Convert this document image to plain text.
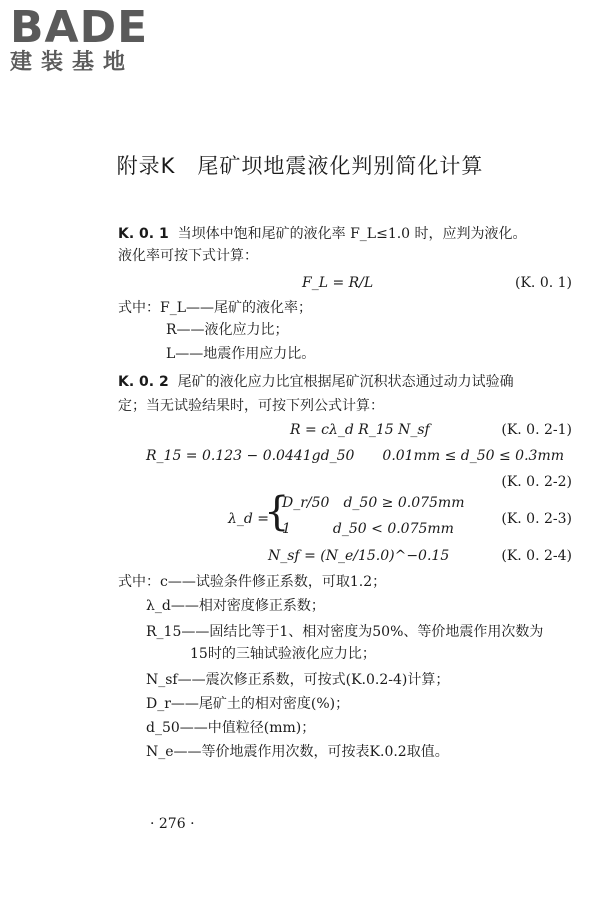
BADE
建装基地
附录K　尾矿坝地震液化判别简化计算
K. 0. 1 当坝体中饱和尾矿的液化率 F_L≤1.0 时，应判为液化。
液化率可按下式计算：
F_L = R/L	(K. 0. 1)
式中：F_L——尾矿的液化率；
R——液化应力比；
L——地震作用应力比。
K. 0. 2 尾矿的液化应力比宜根据尾矿沉积状态通过动力试验确
定；当无试验结果时，可按下列公式计算：
R = cλ_d R_15 N_sf	(K. 0. 2-1)
R_15 = 0.123 − 0.0441gd_50　　0.01mm ≤ d_50 ≤ 0.3mm
(K. 0. 2-2)
λ_d =
{
D_r/50　d_50 ≥ 0.075mm
1　　　d_50 < 0.075mm
(K. 0. 2-3)
N_sf = (N_e/15.0)^−0.15	(K. 0. 2-4)
式中：c——试验条件修正系数，可取1.2；
λ_d——相对密度修正系数；
R_15——固结比等于1、相对密度为50%、等价地震作用次数为
15时的三轴试验液化应力比；
N_sf——震次修正系数，可按式(K.0.2-4)计算；
D_r——尾矿土的相对密度(%)；
d_50——中值粒径(mm)；
N_e——等价地震作用次数，可按表K.0.2取值。
· 276 ·
